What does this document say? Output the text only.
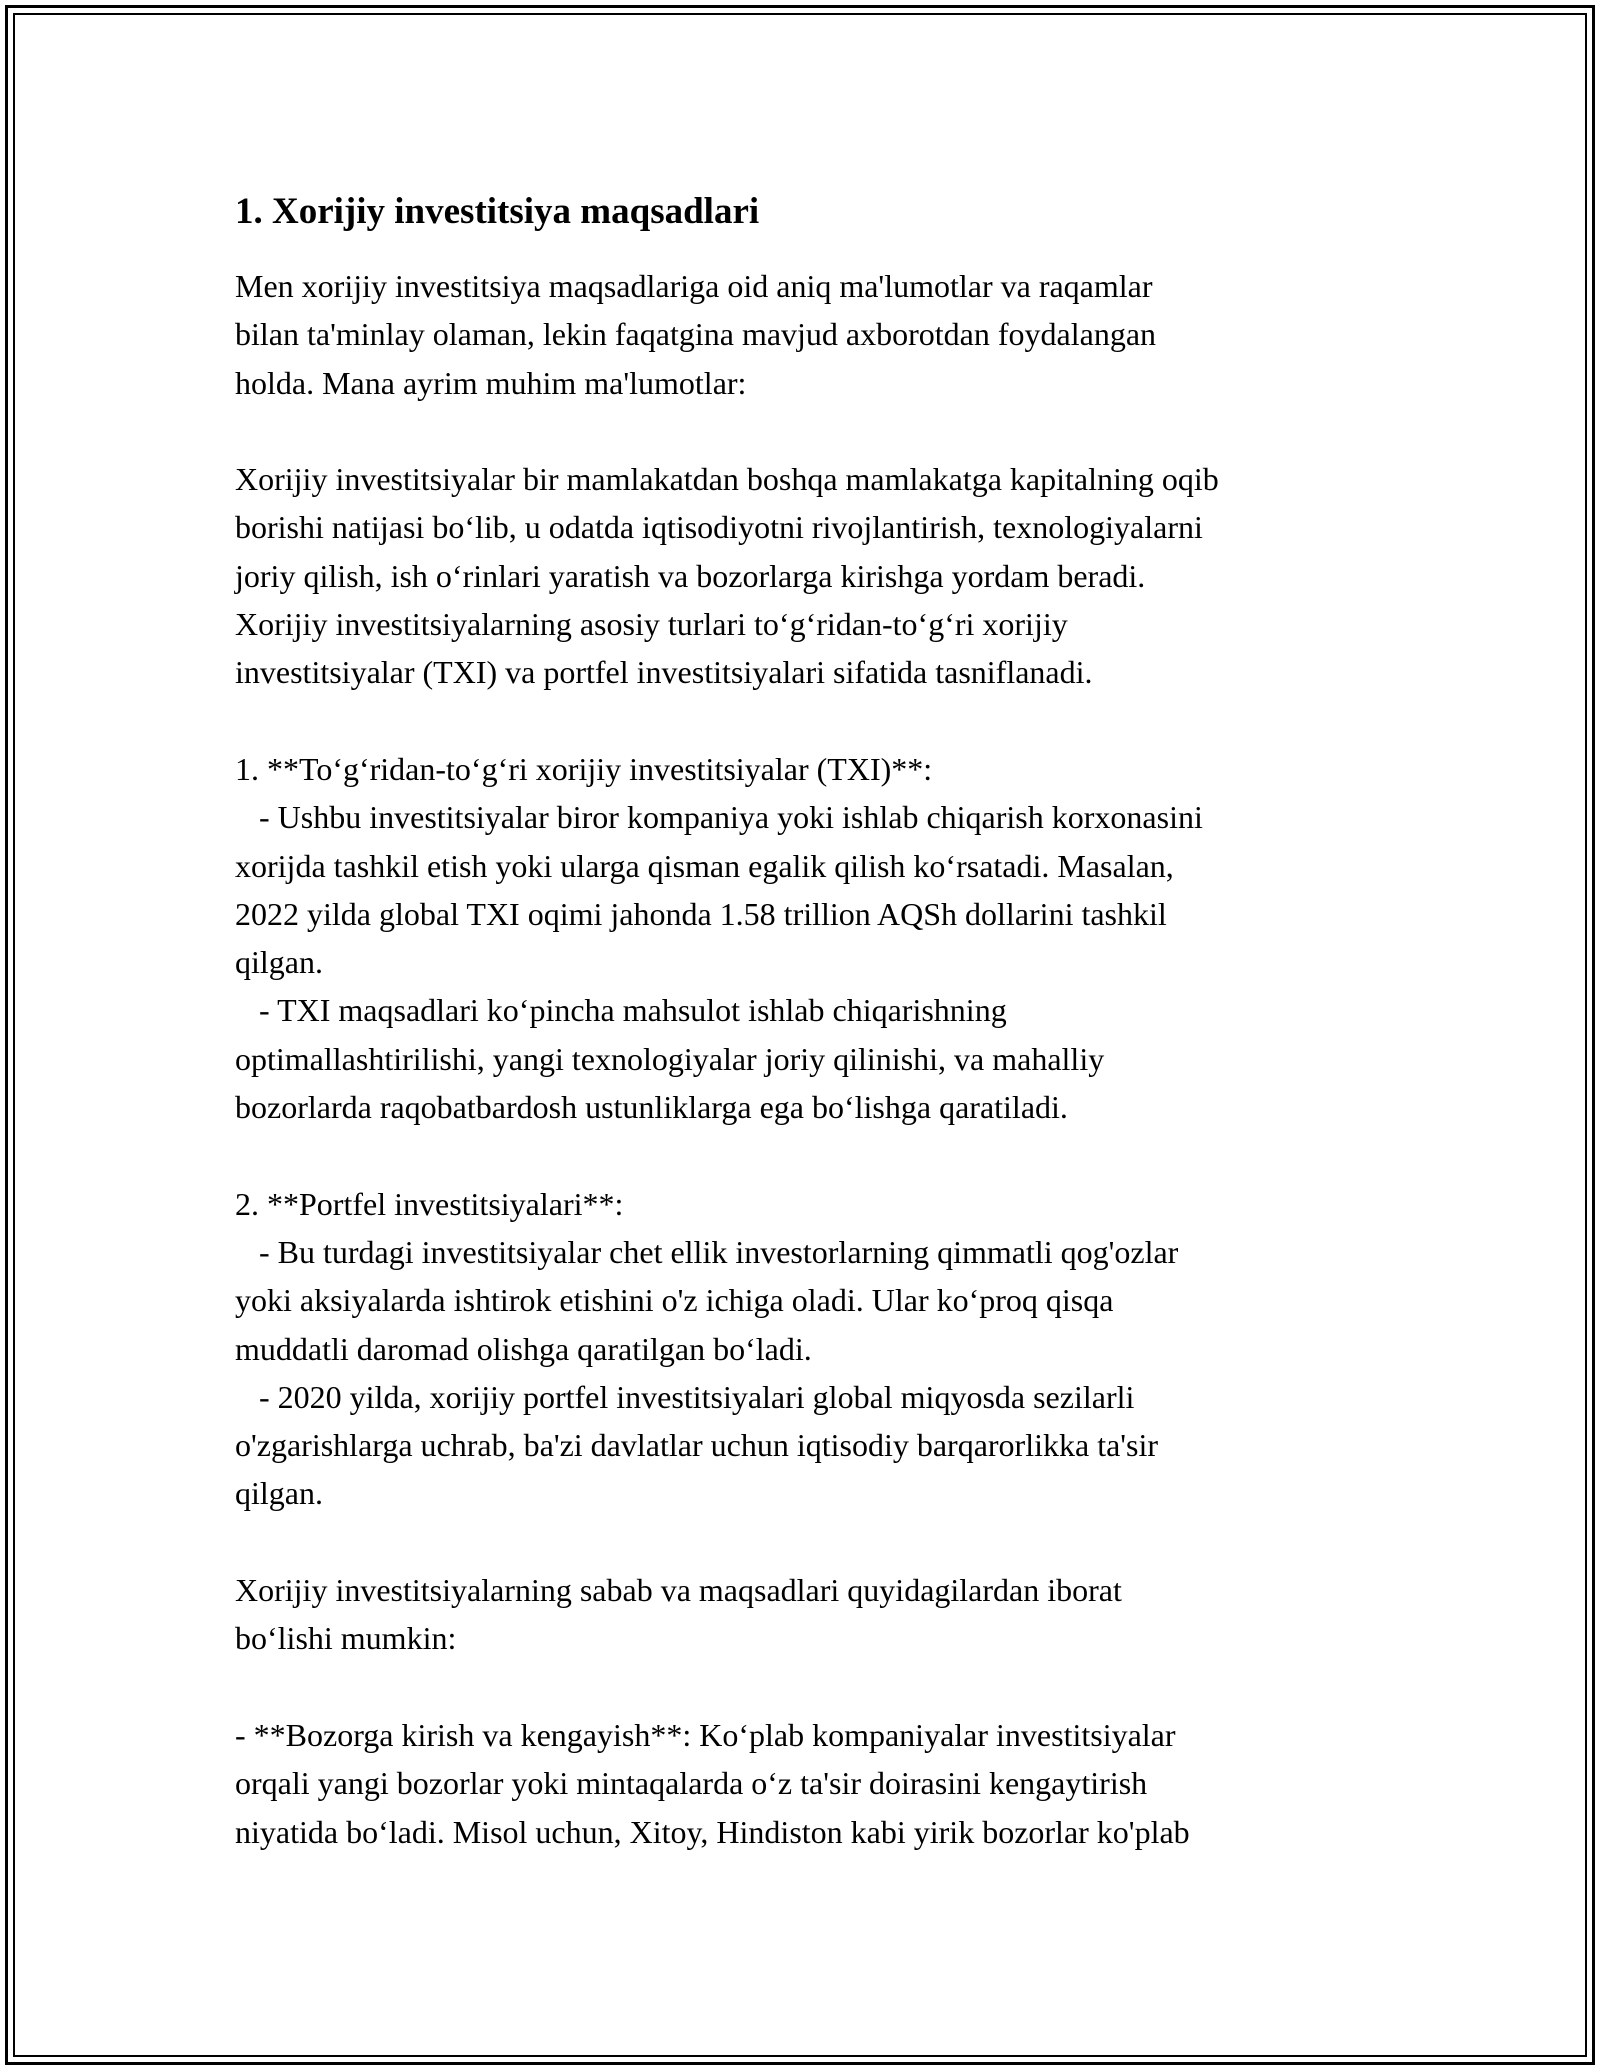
1. Xorijiy investitsiya maqsadlari
Men xorijiy investitsiya maqsadlariga oid aniq ma'lumotlar va raqamlar
bilan ta'minlay olaman, lekin faqatgina mavjud axborotdan foydalangan
holda. Mana ayrim muhim ma'lumotlar:
Xorijiy investitsiyalar bir mamlakatdan boshqa mamlakatga kapitalning oqib
borishi natijasi bo‘lib, u odatda iqtisodiyotni rivojlantirish, texnologiyalarni
joriy qilish, ish o‘rinlari yaratish va bozorlarga kirishga yordam beradi.
Xorijiy investitsiyalarning asosiy turlari to‘g‘ridan-to‘g‘ri xorijiy
investitsiyalar (TXI) va portfel investitsiyalari sifatida tasniflanadi.
1. **To‘g‘ridan-to‘g‘ri xorijiy investitsiyalar (TXI)**:
- Ushbu investitsiyalar biror kompaniya yoki ishlab chiqarish korxonasini
xorijda tashkil etish yoki ularga qisman egalik qilish ko‘rsatadi. Masalan,
2022 yilda global TXI oqimi jahonda 1.58 trillion AQSh dollarini tashkil
qilgan.
- TXI maqsadlari ko‘pincha mahsulot ishlab chiqarishning
optimallashtirilishi, yangi texnologiyalar joriy qilinishi, va mahalliy
bozorlarda raqobatbardosh ustunliklarga ega bo‘lishga qaratiladi.
2. **Portfel investitsiyalari**:
- Bu turdagi investitsiyalar chet ellik investorlarning qimmatli qog'ozlar
yoki aksiyalarda ishtirok etishini o'z ichiga oladi. Ular ko‘proq qisqa
muddatli daromad olishga qaratilgan bo‘ladi.
- 2020 yilda, xorijiy portfel investitsiyalari global miqyosda sezilarli
o'zgarishlarga uchrab, ba'zi davlatlar uchun iqtisodiy barqarorlikka ta'sir
qilgan.
Xorijiy investitsiyalarning sabab va maqsadlari quyidagilardan iborat
bo‘lishi mumkin:
- **Bozorga kirish va kengayish**: Ko‘plab kompaniyalar investitsiyalar
orqali yangi bozorlar yoki mintaqalarda o‘z ta'sir doirasini kengaytirish
niyatida bo‘ladi. Misol uchun, Xitoy, Hindiston kabi yirik bozorlar ko'plab
